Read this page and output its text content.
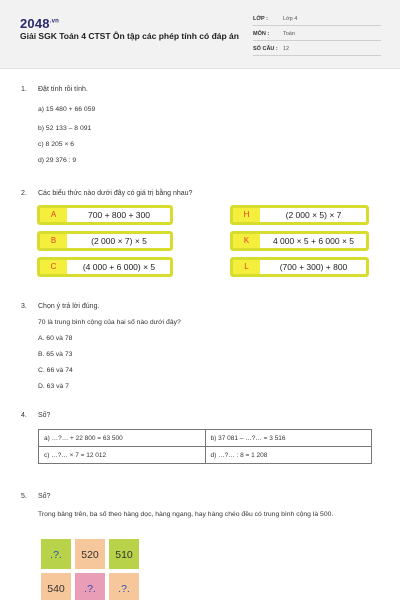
$2048^{.vn}$
Giải SGK Toán 4 CTST Ôn tập các phép tính có đáp án
LỚP :	Lớp 4
MÔN :	Toán
SỐ CÂU : 12
1. Đặt tính rồi tính.
a) 15 480 + 66 059
b) 52 133 – 8 091
c) 8 205 × 6
d) 29 376 : 9
2. Các biểu thức nào dưới đây có giá trị bằng nhau?
A	700 + 800 + 300
B	(2 000 × 7) × 5
C	(4 000 + 6 000) × 5
H	(2 000 × 5) × 7
K	4 000 × 5 + 6 000 × 5
L	(700 + 300) + 800
3. Chọn ý trả lời đúng.
70 là trung bình cộng của hai số nào dưới đây?
A. 60 và 78
B. 65 và 73
C. 66 và 74
D. 63 và 7
4. Số?
a) …?… + 22 800 = 63 500	b) 37 081 – …?… = 3 516
c) …?… × 7 = 12 012	d) …?… : 8 = 1 208
5. Số?
Trong bảng trên, ba số theo hàng dọc, hàng ngang, hay hàng chéo đều có trung bình cộng là 500.
.?.	520	510
540	.?.	.?.
